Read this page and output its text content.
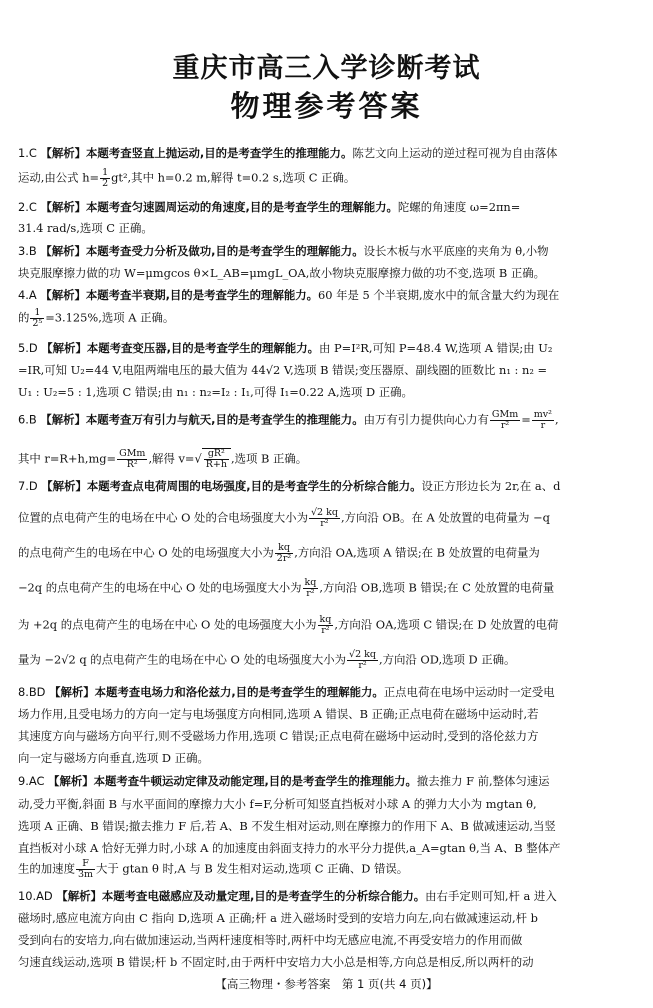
重庆市高三入学诊断考试
物理参考答案
1.C 【解析】本题考查竖直上抛运动,目的是考查学生的推理能力。陈艺文向上运动的逆过程可视为自由落体
运动,由公式 $h= \frac{1}{2} gt^2$,其中 h=0.2 m,解得 t=0.2 s,选项 C 正确。
2.C 【解析】本题考查匀速圆周运动的角速度,目的是考查学生的理解能力。陀螺的角速度 ω=2πn=
31.4 rad/s,选项 C 正确。
3.B 【解析】本题考查受力分析及做功,目的是考查学生的理解能力。设长木板与水平底座的夹角为 θ,小物
块克服摩擦力做的功 W=μmgcos θ×L_AB=μmgL_OA,故小物块克服摩擦力做的功不变,选项 B 正确。
4.A 【解析】本题考查半衰期,目的是考查学生的理解能力。60 年是 5 个半衰期,废水中的氚含量大约为现在
的 $\frac{1}{\text{2⁵}} =3.125\%$,选项 A 正确。
5.D 【解析】本题考查变压器,目的是考查学生的理解能力。由 P=I²R,可知 P=48.4 W,选项 A 错误;由 U₂
=IR,可知 U₂=44 V,电阻两端电压的最大值为 44√2 V,选项 B 错误;变压器原、副线圈的匝数比 n₁ : n₂ =
U₁ : U₂=5 : 1,选项 C 错误;由 n₁ : n₂=I₂ : I₁,可得 I₁=0.22 A,选项 D 正确。
6.B 【解析】本题考查万有引力与航天,目的是考查学生的推理能力。由万有引力提供向心力有 $\frac{\text{GMm}}{\text{r²}} = \frac{\text{mv²}}{r}$ ,
其中 $r=R+h,mg= \frac{\text{GMm}}{\text{R²}}$ ,解得 $v=√ \frac{\text{gR²}}{R+h}$ ,选项 B 正确。
7.D 【解析】本题考查点电荷周围的电场强度,目的是考查学生的分析综合能力。设正方形边长为 2r,在 a、d
位置的点电荷产生的电场在中心 O 处的合电场强度大小为 $\frac{√2 kq}{\text{r²}}$ ,方向沿 OB。在 A 处放置的电荷量为 −q
的点电荷产生的电场在中心 O 处的电场强度大小为 $\frac{kq}{\text{2r²}}$ ,方向沿 OA,选项 A 错误;在 B 处放置的电荷量为
−2q 的点电荷产生的电场在中心 O 处的电场强度大小为 $\frac{kq}{\text{r²}}$ ,方向沿 OB,选项 B 错误;在 C 处放置的电荷量
为 +2q 的点电荷产生的电场在中心 O 处的电场强度大小为 $\frac{kq}{\text{r²}}$ ,方向沿 OA,选项 C 错误;在 D 处放置的电荷
量为 −2√2 q 的点电荷产生的电场在中心 O 处的电场强度大小为 $\frac{√2 kq}{\text{r²}}$ ,方向沿 OD,选项 D 正确。
8.BD 【解析】本题考查电场力和洛伦兹力,目的是考查学生的理解能力。正点电荷在电场中运动时一定受电
场力作用,且受电场力的方向一定与电场强度方向相同,选项 A 错误、B 正确;正点电荷在磁场中运动时,若
其速度方向与磁场方向平行,则不受磁场力作用,选项 C 错误;正点电荷在磁场中运动时,受到的洛伦兹力方
向一定与磁场方向垂直,选项 D 正确。
9.AC 【解析】本题考查牛顿运动定律及动能定理,目的是考查学生的推理能力。撤去推力 F 前,整体匀速运
动,受力平衡,斜面 B 与水平面间的摩擦力大小 f=F,分析可知竖直挡板对小球 A 的弹力大小为 mgtan θ,
选项 A 正确、B 错误;撤去推力 F 后,若 A、B 不发生相对运动,则在摩擦力的作用下 A、B 做减速运动,当竖
直挡板对小球 A 恰好无弹力时,小球 A 的加速度由斜面支持力的水平分力提供,a_A=gtan θ,当 A、B 整体产
生的加速度 $\frac{F}{3m}$ 大于 gtan θ 时,A 与 B 发生相对运动,选项 C 正确、D 错误。
10.AD 【解析】本题考查电磁感应及动量定理,目的是考查学生的分析综合能力。由右手定则可知,杆 a 进入
磁场时,感应电流方向由 C 指向 D,选项 A 正确;杆 a 进入磁场时受到的安培力向左,向右做减速运动,杆 b
受到向右的安培力,向右做加速运动,当两杆速度相等时,两杆中均无感应电流,不再受安培力的作用而做
匀速直线运动,选项 B 错误;杆 b 不固定时,由于两杆中安培力大小总是相等,方向总是相反,所以两杆的动
【高三物理・参考答案　第 1 页(共 4 页)】
